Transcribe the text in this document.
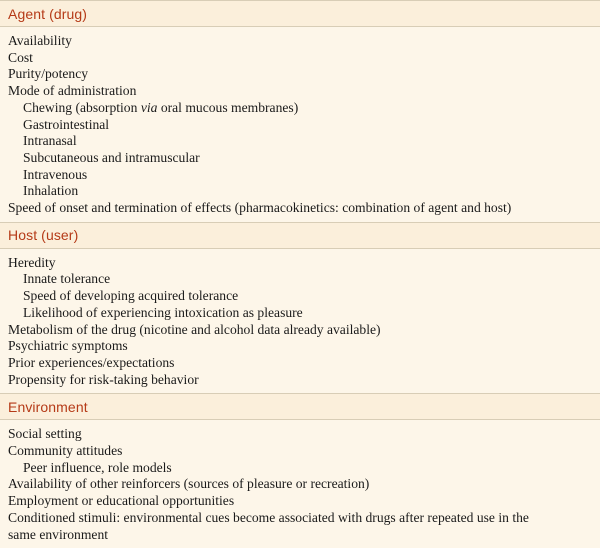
Agent (drug)
Availability
Cost
Purity/potency
Mode of administration
Chewing (absorption via oral mucous membranes)
Gastrointestinal
Intranasal
Subcutaneous and intramuscular
Intravenous
Inhalation
Speed of onset and termination of effects (pharmacokinetics: combination of agent and host)
Host (user)
Heredity
Innate tolerance
Speed of developing acquired tolerance
Likelihood of experiencing intoxication as pleasure
Metabolism of the drug (nicotine and alcohol data already available)
Psychiatric symptoms
Prior experiences/expectations
Propensity for risk-taking behavior
Environment
Social setting
Community attitudes
Peer influence, role models
Availability of other reinforcers (sources of pleasure or recreation)
Employment or educational opportunities
Conditioned stimuli: environmental cues become associated with drugs after repeated use in the
same environment
